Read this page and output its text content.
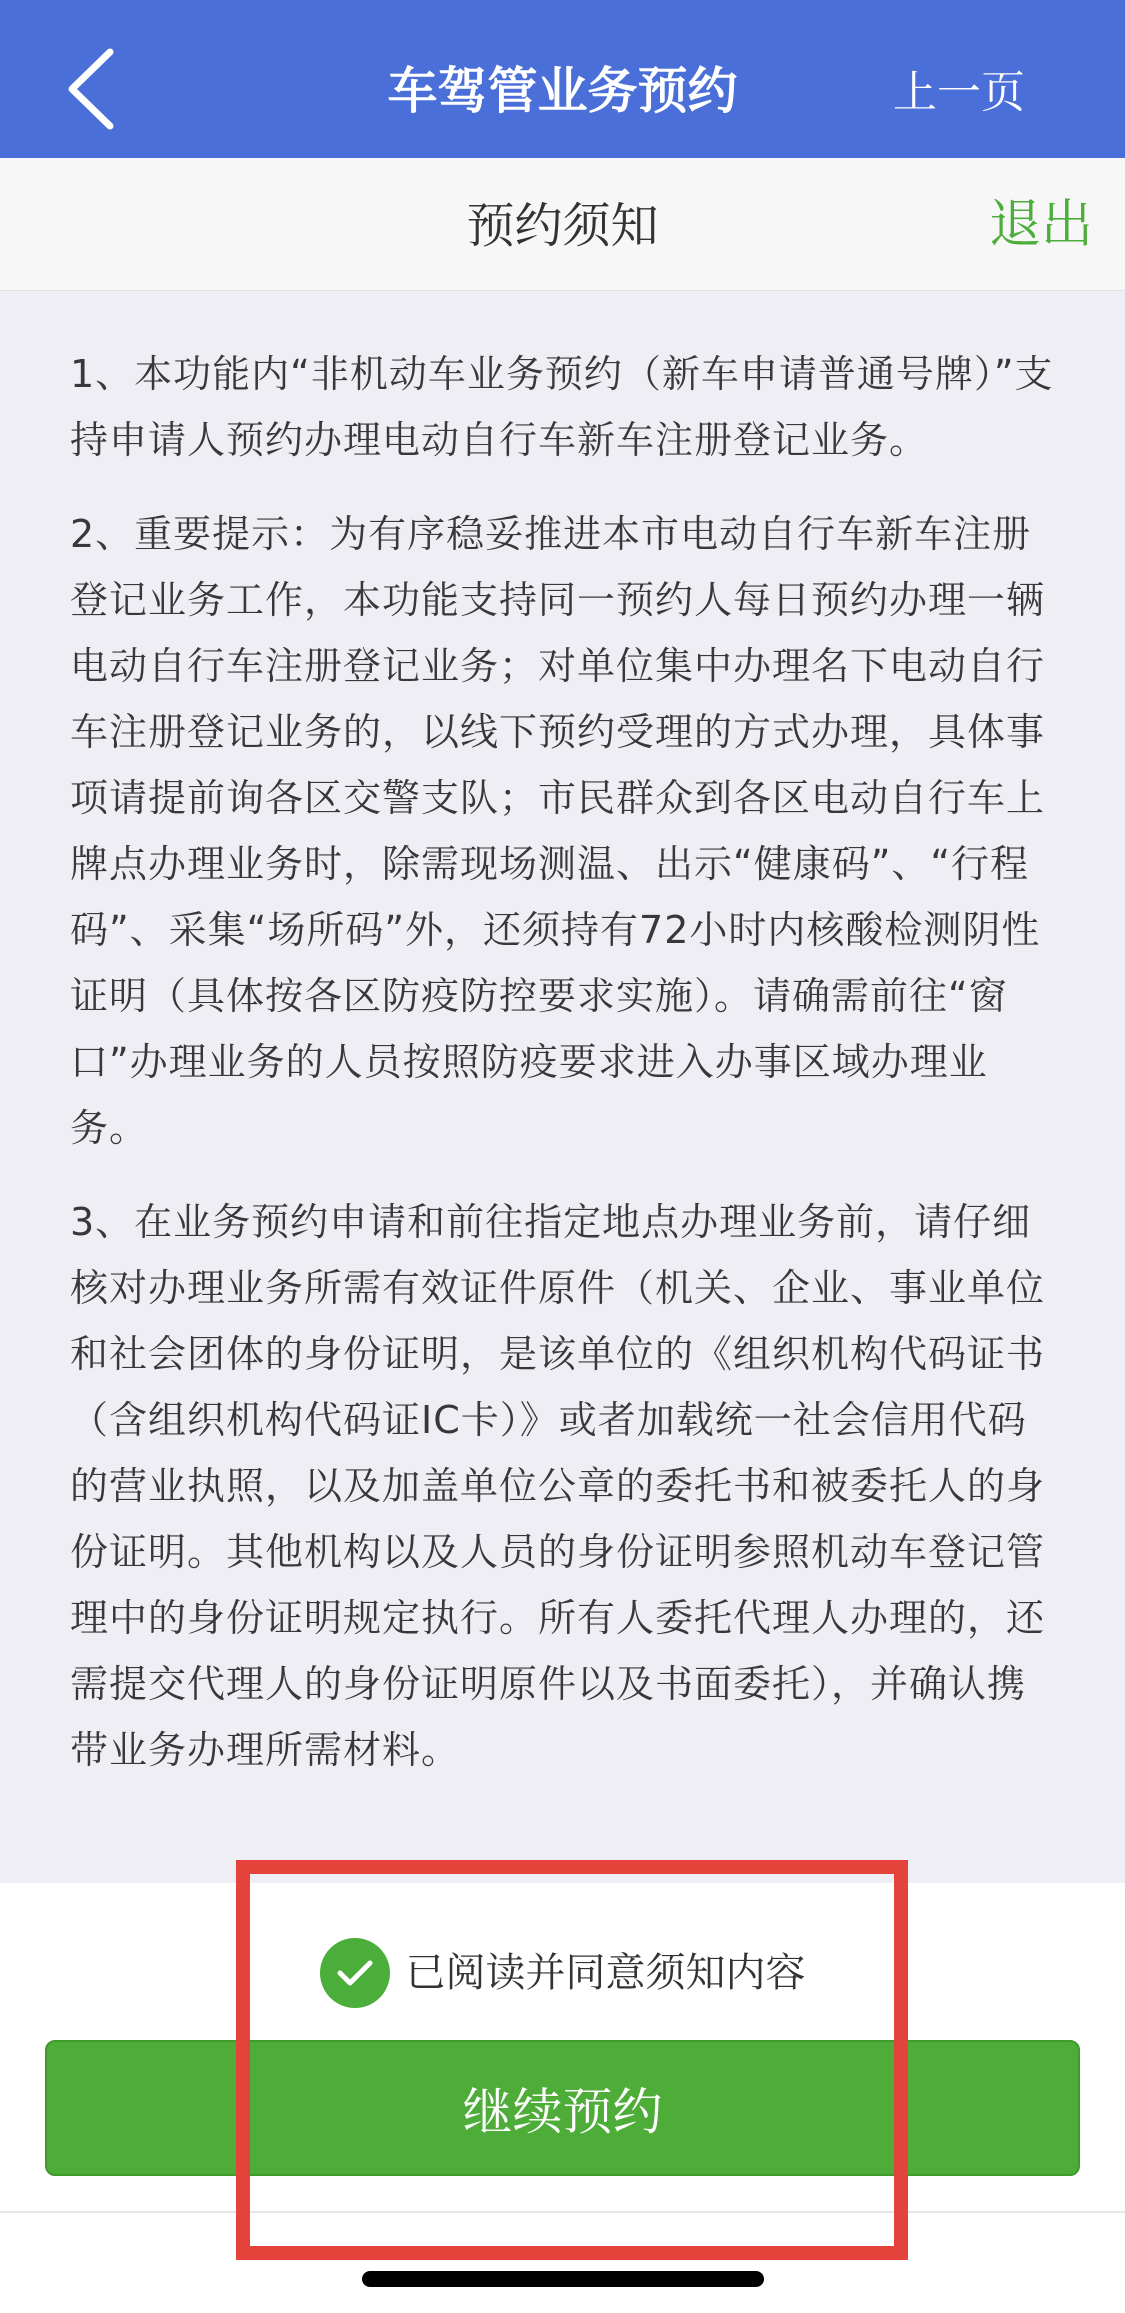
车驾管业务预约	上一页
预约须知	退出

1、本功能内“非机动车业务预约（新车申请普通号牌）”支持申请人预约办理电动自行车新车注册登记业务。

2、重要提示：为有序稳妥推进本市电动自行车新车注册登记业务工作，本功能支持同一预约人每日预约办理一辆电动自行车注册登记业务；对单位集中办理名下电动自行车注册登记业务的，以线下预约受理的方式办理，具体事项请提前询各区交警支队；市民群众到各区电动自行车上牌点办理业务时，除需现场测温、出示“健康码”、“行程码”、采集“场所码”外，还须持有72小时内核酸检测阴性证明（具体按各区防疫防控要求实施）。请确需前往“窗口”办理业务的人员按照防疫要求进入办事区域办理业务。

3、在业务预约申请和前往指定地点办理业务前，请仔细核对办理业务所需有效证件原件（机关、企业、事业单位和社会团体的身份证明，是该单位的《组织机构代码证书（含组织机构代码证IC卡）》或者加载统一社会信用代码的营业执照，以及加盖单位公章的委托书和被委托人的身份证明。其他机构以及人员的身份证明参照机动车登记管理中的身份证明规定执行。所有人委托代理人办理的，还需提交代理人的身份证明原件以及书面委托），并确认携带业务办理所需材料。

已阅读并同意须知内容
继续预约
